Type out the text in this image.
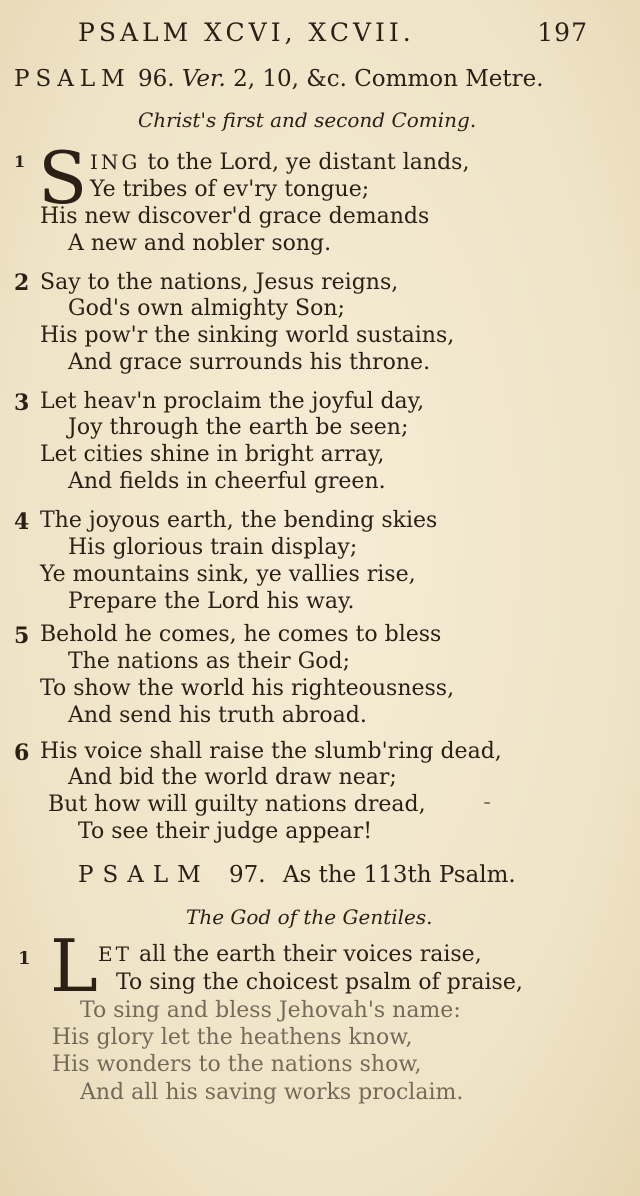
PSALM XCVI, XCVII.	197
PSALM 96. Ver. 2, 10, &c. Common Metre.
Christ's first and second Coming.
1 S ING to the Lord, ye distant lands,
Ye tribes of ev'ry tongue;
His new discover'd grace demands
A new and nobler song.
2 Say to the nations, Jesus reigns,
God's own almighty Son;
His pow'r the sinking world sustains,
And grace surrounds his throne.
3 Let heav'n proclaim the joyful day,
Joy through the earth be seen;
Let cities shine in bright array,
And fields in cheerful green.
4 The joyous earth, the bending skies
His glorious train display;
Ye mountains sink, ye vallies rise,
Prepare the Lord his way.
5 Behold he comes, he comes to bless
The nations as their God;
To show the world his righteousness,
And send his truth abroad.
6 His voice shall raise the slumb'ring dead,
And bid the world draw near;
But how will guilty nations dread,
To see their judge appear!
PSALM 97. As the 113th Psalm.
The God of the Gentiles.
1 L ET all the earth their voices raise,
To sing the choicest psalm of praise,
To sing and bless Jehovah's name:
His glory let the heathens know,
His wonders to the nations show,
And all his saving works proclaim.
